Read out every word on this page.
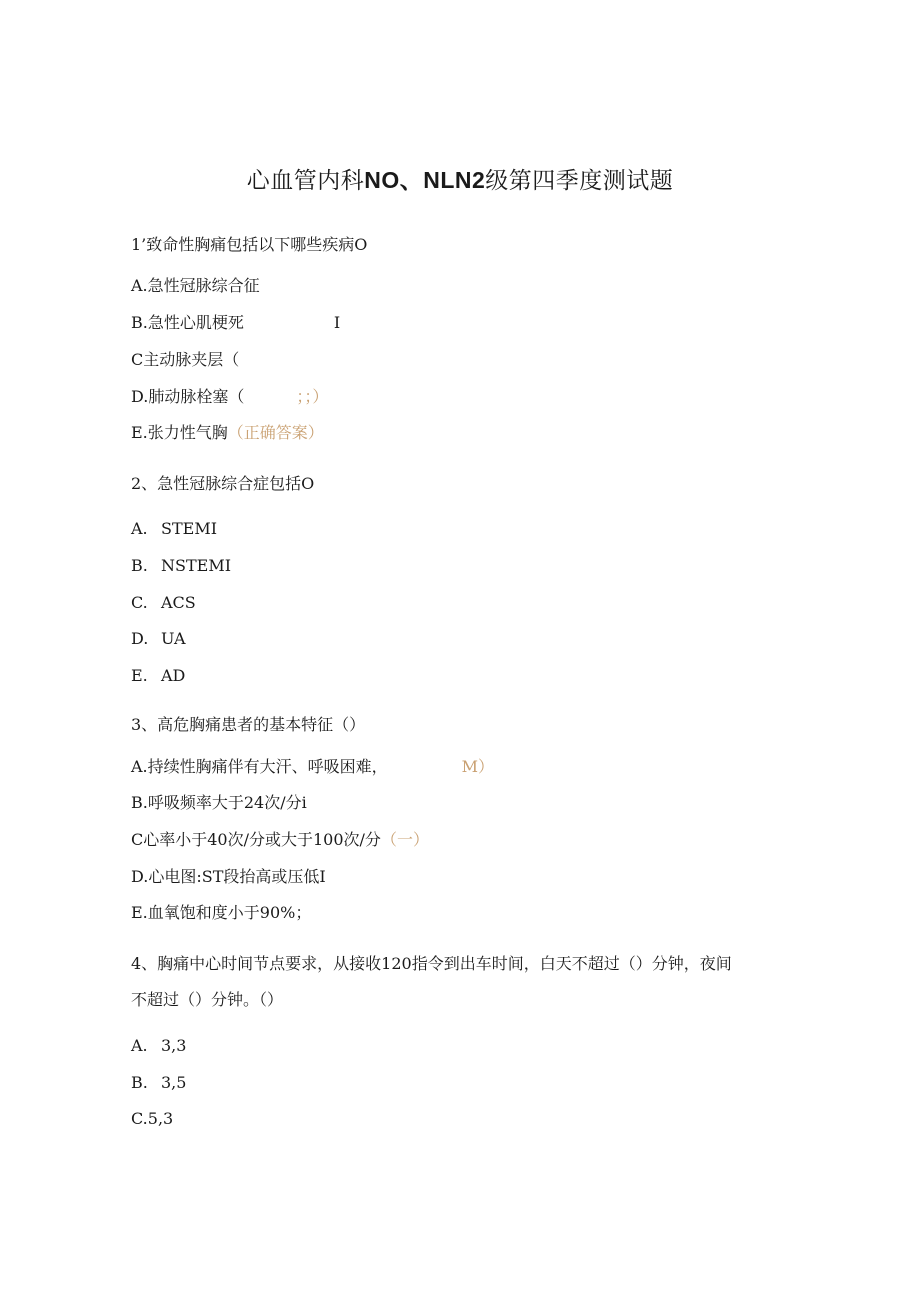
心血管内科NO、NLN2级第四季度测试题
1’致命性胸痛包括以下哪些疾病O
A.急性冠脉综合征
B.急性心肌梗死	I
C主动脉夹层（
D.肺动脉栓塞（	；；）
E.张力性气胸（正确答案）
2、急性冠脉综合症包括O
A. STEMI
B. NSTEMI
C. ACS
D. UA
E. AD
3、高危胸痛患者的基本特征（）
A.持续性胸痛伴有大汗、呼吸困难，	M）
B.呼吸频率大于24次/分i
C心率小于40次/分或大于100次/分（一）
D.心电图:ST段抬高或压低I
E.血氧饱和度小于90%；
4、胸痛中心时间节点要求，从接收120指令到出车时间，白天不超过（）分钟，夜间
不超过（）分钟。（）
A. 3,3
B. 3,5
C.5,3
